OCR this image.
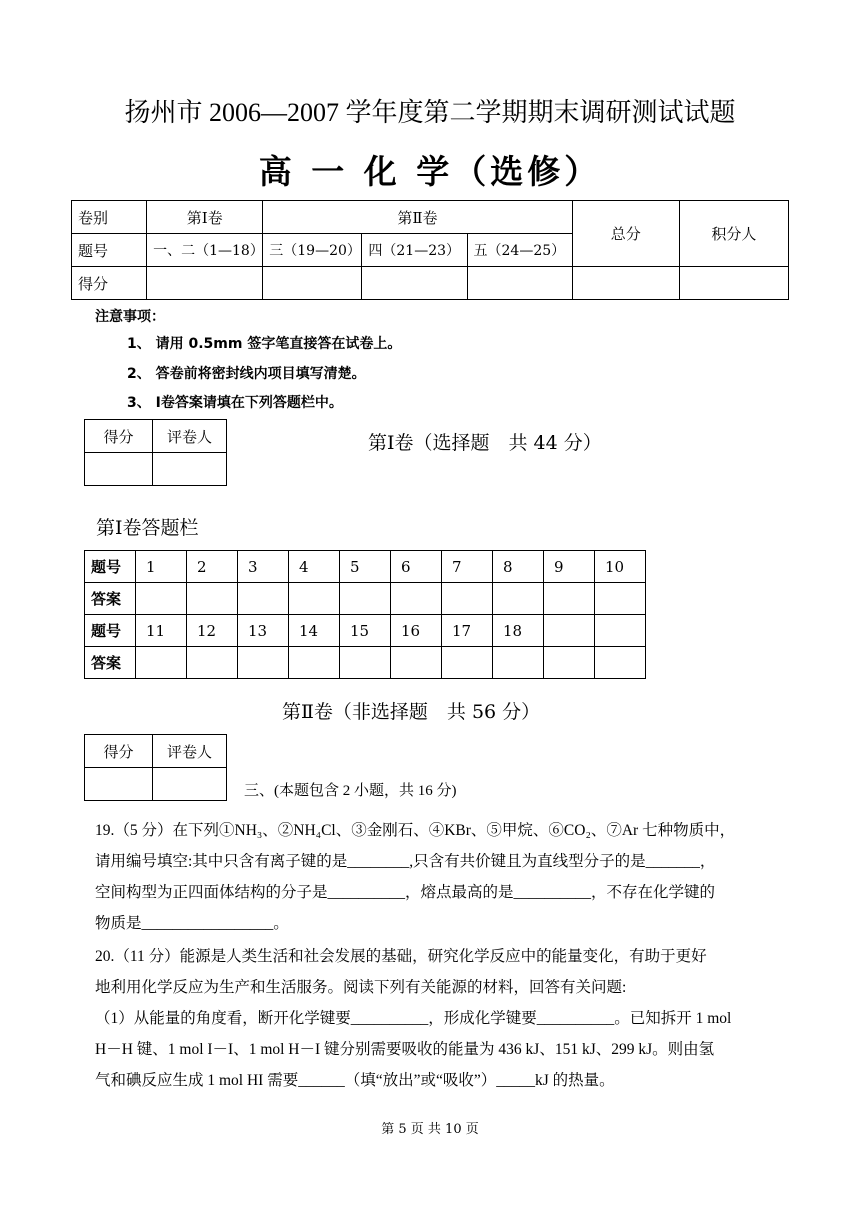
扬州市 2006—2007 学年度第二学期期末调研测试试题
高 一 化 学（选修）
卷别	第Ⅰ卷	第Ⅱ卷			总分	积分人
题号	一、二（1—18）	三（19—20）	四（21—23）	五（24—25）		
得分						
注意事项：
1、 请用 0.5mm 签字笔直接答在试卷上。
2、 答卷前将密封线内项目填写清楚。
3、 Ⅰ卷答案请填在下列答题栏中。
得分	评卷人
		第Ⅰ卷（选择题　共 44 分）
第Ⅰ卷答题栏
题号	1	2	3	4	5	6	7	8	9	10
答案										
题号	11	12	13	14	15	16	17	18		
答案										
第Ⅱ卷（非选择题　共 56 分）
得分	评卷人

三、(本题包含 2 小题，共 16 分)
19.（5 分）在下列①NH₃、②NH₄Cl、③金刚石、④KBr、⑤甲烷、⑥CO₂、⑦Ar 七种物质中，
请用编号填空:其中只含有离子键的是________,只含有共价键且为直线型分子的是_______，
空间构型为正四面体结构的分子是__________，熔点最高的是__________，不存在化学键的
物质是_________________。
20.（11 分）能源是人类生活和社会发展的基础，研究化学反应中的能量变化，有助于更好
地利用化学反应为生产和生活服务。阅读下列有关能源的材料，回答有关问题:
（1）从能量的角度看，断开化学键要__________，形成化学键要__________。已知拆开 1 mol
H－H 键、1 mol I－I、1 mol H－I 键分别需要吸收的能量为 436 kJ、151 kJ、299 kJ。则由氢
气和碘反应生成 1 mol HI 需要______（填“放出”或“吸收”）_____kJ 的热量。
第 5 页 共 10 页
